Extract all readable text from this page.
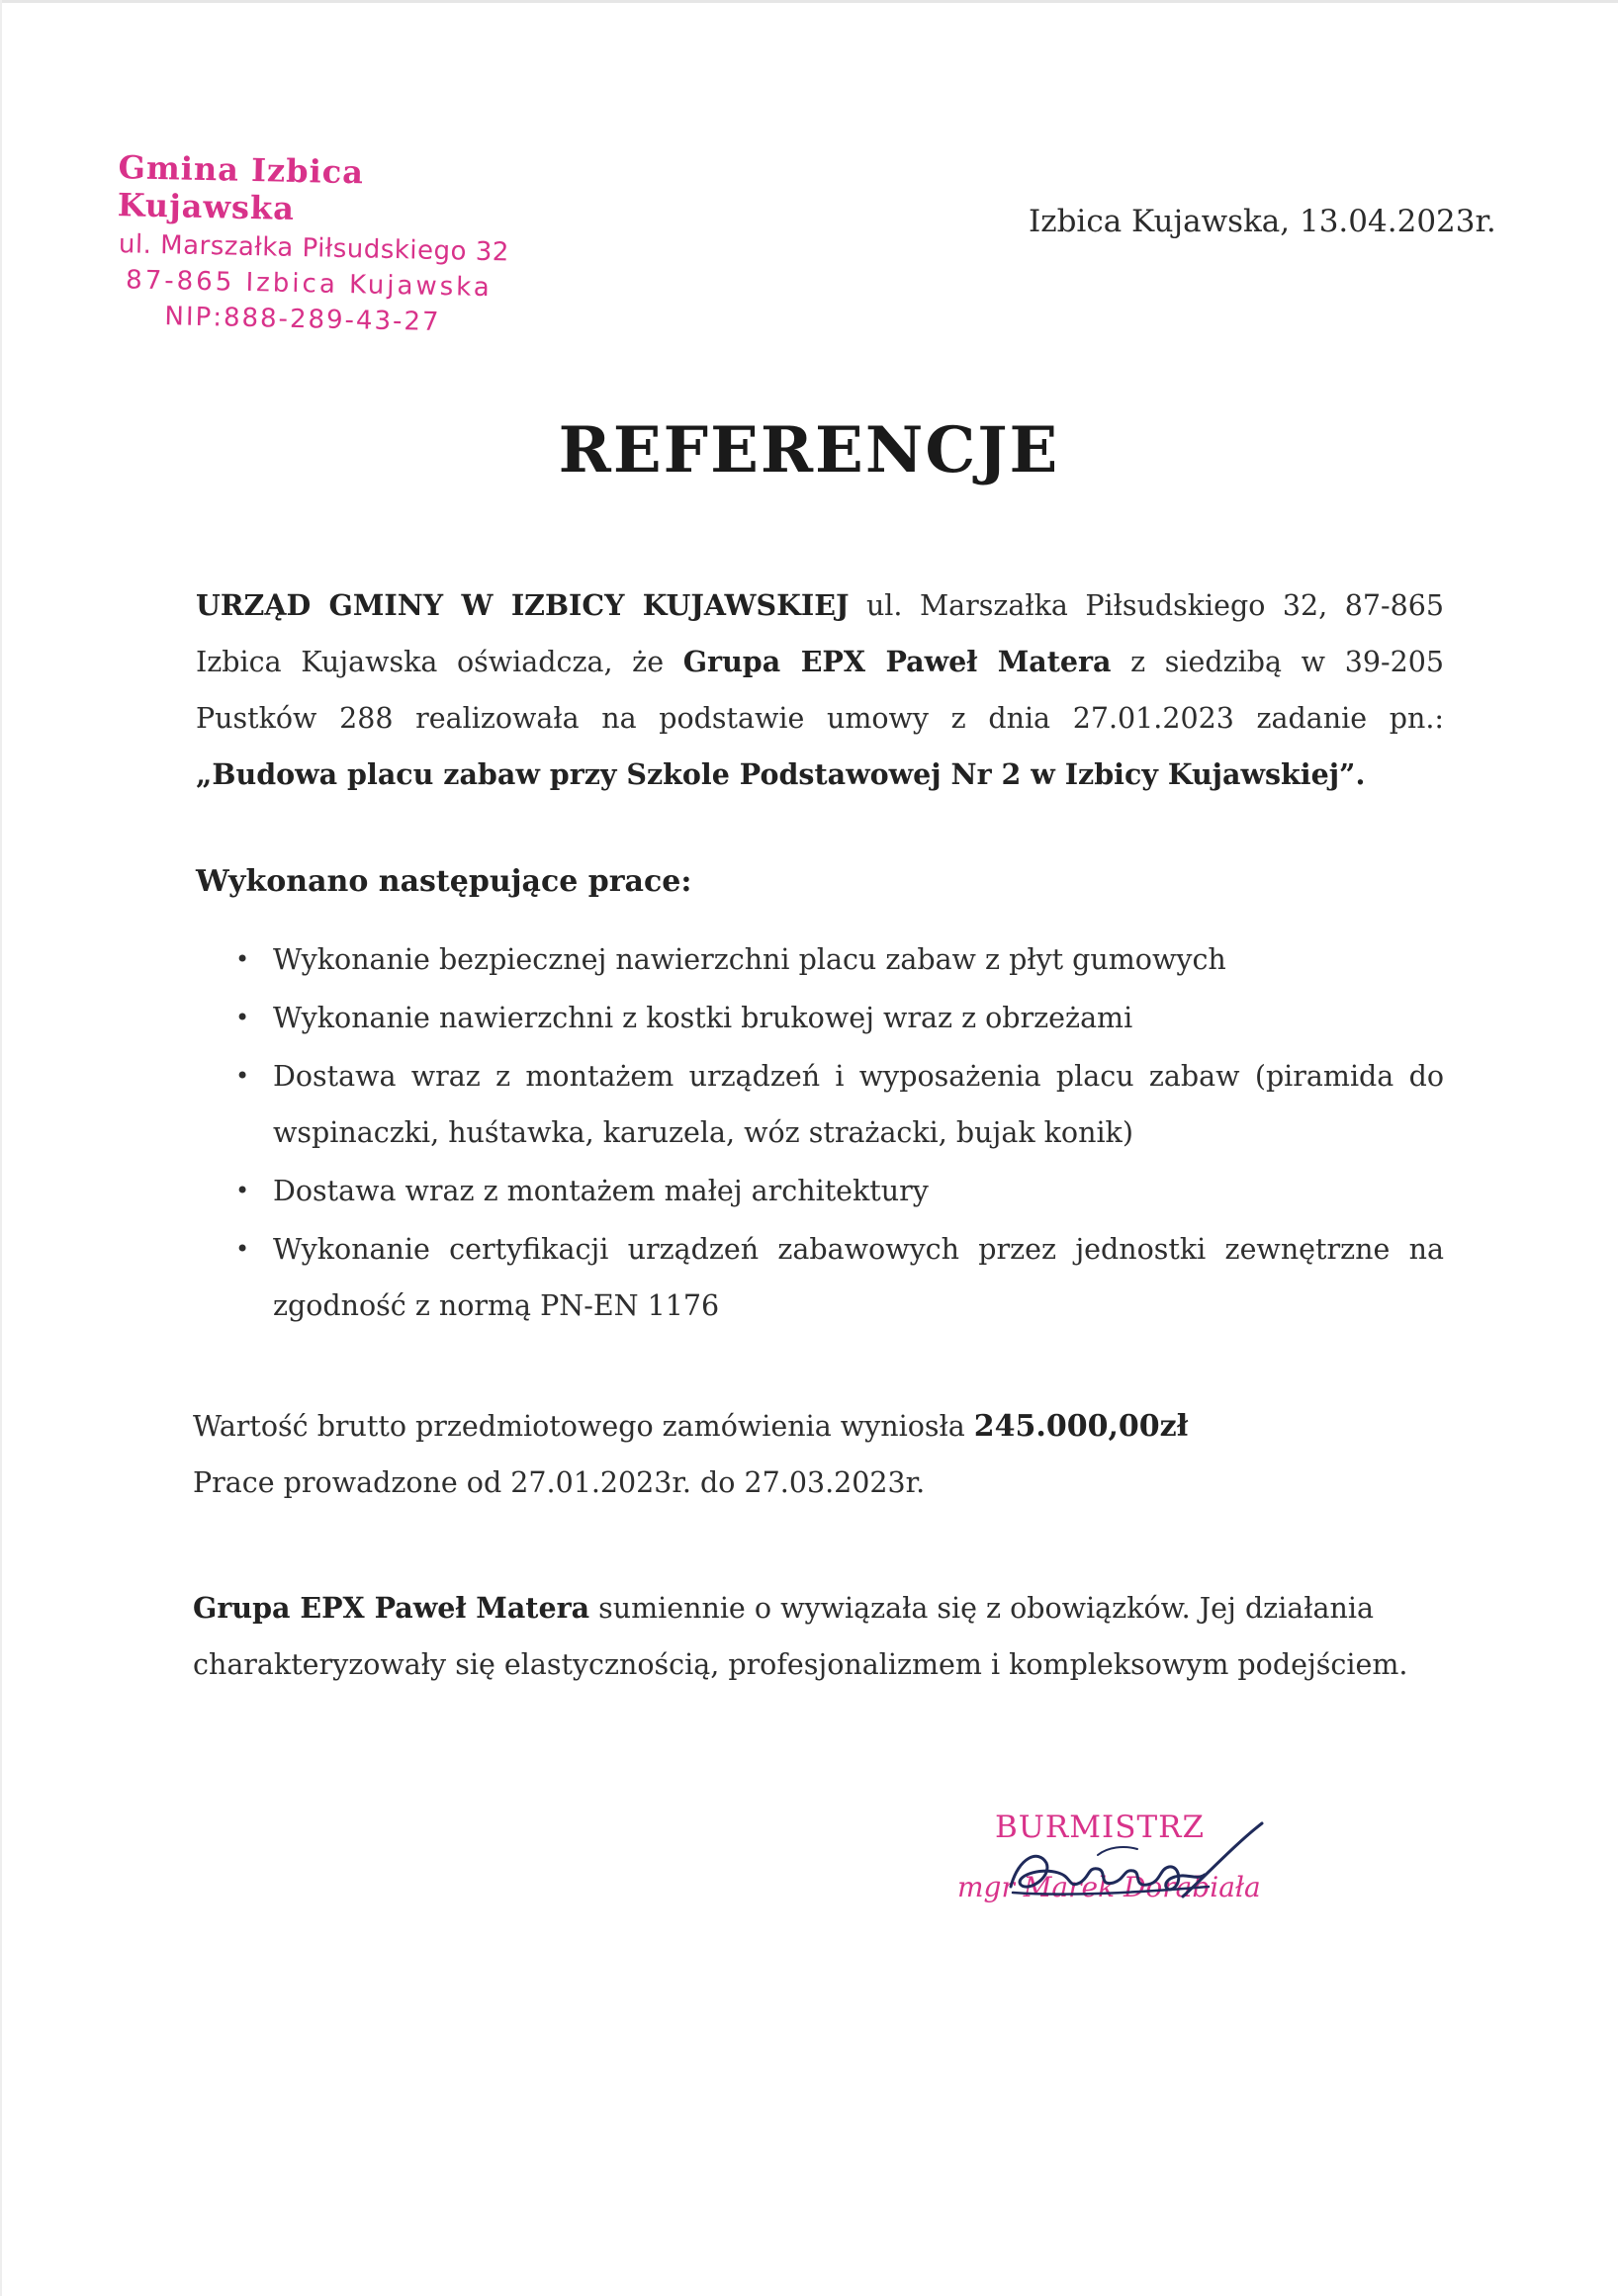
Gmina Izbica Kujawska
ul. Marszałka Piłsudskiego 32
87-865 Izbica Kujawska
NIP:888-289-43-27
Izbica Kujawska, 13.04.2023r.
REFERENCJE

URZĄD GMINY W IZBICY KUJAWSKIEJ ul. Marszałka Piłsudskiego 32, 87-865 Izbica Kujawska oświadcza, że Grupa EPX Paweł Matera z siedzibą w 39-205 Pustków 288 realizowała na podstawie umowy z dnia 27.01.2023 zadanie pn.: „Budowa placu zabaw przy Szkole Podstawowej Nr 2 w Izbicy Kujawskiej”.

Wykonano następujące prace:
• Wykonanie bezpiecznej nawierzchni placu zabaw z płyt gumowych
• Wykonanie nawierzchni z kostki brukowej wraz z obrzeżami
• Dostawa wraz z montażem urządzeń i wyposażenia placu zabaw (piramida do wspinaczki, huśtawka, karuzela, wóz strażacki, bujak konik)
• Dostawa wraz z montażem małej architektury
• Wykonanie certyfikacji urządzeń zabawowych przez jednostki zewnętrzne na zgodność z normą PN-EN 1176
Wartość brutto przedmiotowego zamówienia wyniosła 245.000,00zł
Prace prowadzone od 27.01.2023r. do 27.03.2023r.

Grupa EPX Paweł Matera sumiennie o wywiązała się z obowiązków. Jej działania charakteryzowały się elastycznością, profesjonalizmem i kompleksowym podejściem.

BURMISTRZ
mgr Marek Dorabiała
